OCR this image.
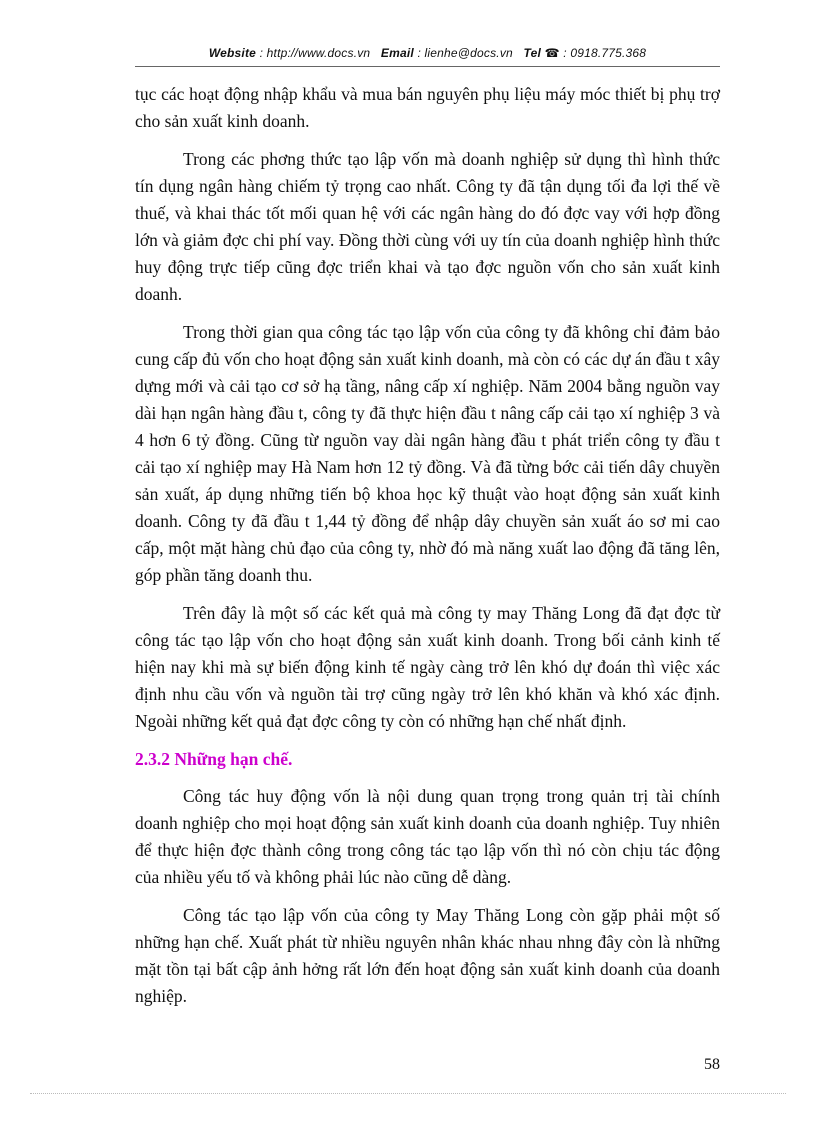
Website : http://www.docs.vn Email : lienhe@docs.vn Tel ☎ : 0918.775.368

tục các hoạt động nhập khẩu và mua bán nguyên phụ liệu máy móc thiết bị phụ trợ cho sản xuất kinh doanh.

Trong các phơng thức tạo lập vốn mà doanh nghiệp sử dụng thì hình thức tín dụng ngân hàng chiếm tỷ trọng cao nhất. Công ty đã tận dụng tối đa lợi thế về thuế, và khai thác tốt mối quan hệ với các ngân hàng do đó đợc vay với hợp đồng lớn và giảm đợc chi phí vay. Đồng thời cùng với uy tín của doanh nghiệp hình thức huy động trực tiếp cũng đợc triển khai và tạo đợc nguồn vốn cho sản xuất kinh doanh.

Trong thời gian qua công tác tạo lập vốn của công ty đã không chỉ đảm bảo cung cấp đủ vốn cho hoạt động sản xuất kinh doanh, mà còn có các dự án đầu t xây dựng mới và cải tạo cơ sở hạ tầng, nâng cấp xí nghiệp. Năm 2004 bằng nguồn vay dài hạn ngân hàng đầu t, công ty đã thực hiện đầu t nâng cấp cải tạo xí nghiệp 3 và 4 hơn 6 tỷ đồng. Cũng từ nguồn vay dài ngân hàng đầu t phát triển công ty đầu t cải tạo xí nghiệp may Hà Nam hơn 12 tỷ đồng. Và đã từng bớc cải tiến dây chuyền sản xuất, áp dụng những tiến bộ khoa học kỹ thuật vào hoạt động sản xuất kinh doanh. Công ty đã đầu t 1,44 tỷ đồng để nhập dây chuyền sản xuất áo sơ mi cao cấp, một mặt hàng chủ đạo của công ty, nhờ đó mà năng xuất lao động đã tăng lên, góp phần tăng doanh thu.

Trên đây là một số các kết quả mà công ty may Thăng Long đã đạt đợc từ công tác tạo lập vốn cho hoạt động sản xuất kinh doanh. Trong bối cảnh kinh tế hiện nay khi mà sự biến động kinh tế ngày càng trở lên khó dự đoán thì việc xác định nhu cầu vốn và nguồn tài trợ cũng ngày trở lên khó khăn và khó xác định. Ngoài những kết quả đạt đợc công ty còn có những hạn chế nhất định.

2.3.2 Những hạn chế.

Công tác huy động vốn là nội dung quan trọng trong quản trị tài chính doanh nghiệp cho mọi hoạt động sản xuất kinh doanh của doanh nghiệp. Tuy nhiên để thực hiện đợc thành công trong công tác tạo lập vốn thì nó còn chịu tác động của nhiều yếu tố và không phải lúc nào cũng dễ dàng.

Công tác tạo lập vốn của công ty May Thăng Long còn gặp phải một số những hạn chế. Xuất phát từ nhiều nguyên nhân khác nhau nhng đây còn là những mặt tồn tại bất cập ảnh hởng rất lớn đến hoạt động sản xuất kinh doanh của doanh nghiệp.

58
